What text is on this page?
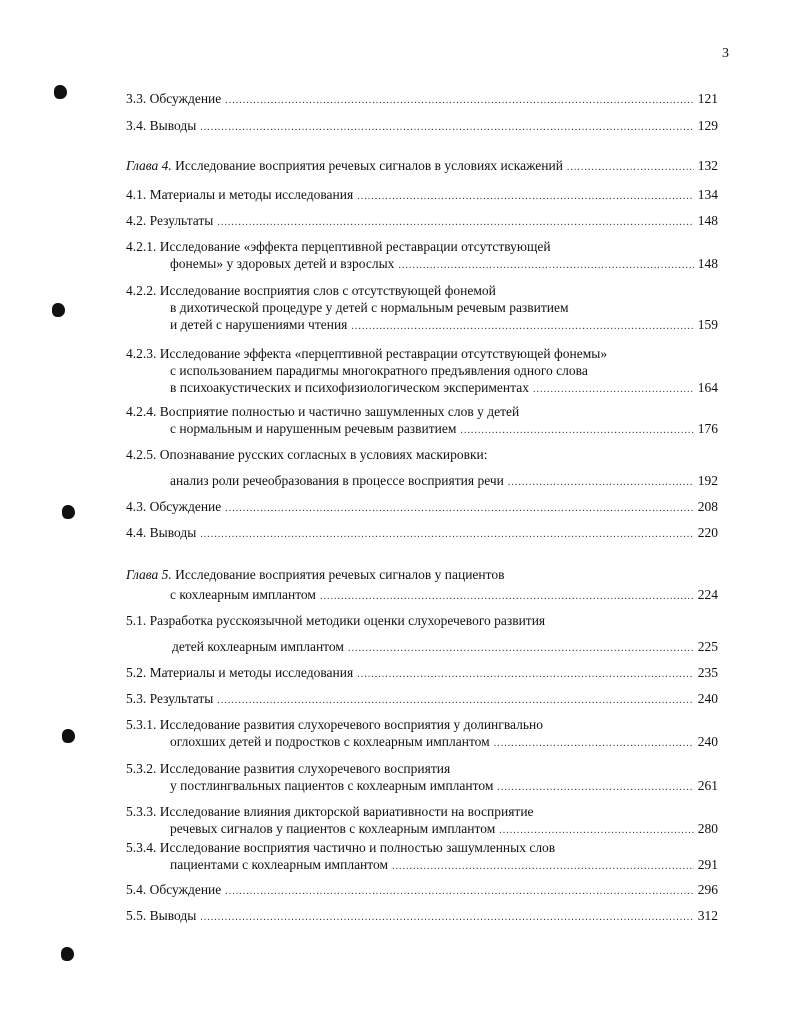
3
3.3. Обсуждение .....	121
3.4. Выводы .....	129
Глава 4. Исследование восприятия речевых сигналов в условиях искажений .....	132
4.1. Материалы и методы исследования .....	134
4.2. Результаты .....	148
4.2.1. Исследование «эффекта перцептивной реставрации отсутствующей
фонемы» у здоровых детей и взрослых .....	148
4.2.2. Исследование восприятия слов с отсутствующей фонемой
в дихотической процедуре у детей с нормальным речевым развитием
и детей с нарушениями чтения .....	159
4.2.3. Исследование эффекта «перцептивной реставрации отсутствующей фонемы»
с использованием парадигмы многократного предъявления одного слова
в психоакустических и психофизиологическом экспериментах .....	164
4.2.4. Восприятие полностью и частично зашумленных слов у детей
с нормальным и нарушенным речевым развитием .....	176
4.2.5. Опознавание русских согласных в условиях маскировки:
анализ роли речеобразования в процессе восприятия речи .....	192
4.3. Обсуждение .....	208
4.4. Выводы .....	220
Глава 5. Исследование восприятия речевых сигналов у пациентов
с кохлеарным имплантом .....	224
5.1. Разработка русскоязычной методики оценки слухоречевого развития
детей кохлеарным имплантом .....	225
5.2. Материалы и методы исследования .....	235
5.3. Результаты .....	240
5.3.1. Исследование развития слухоречевого восприятия у долингвально
оглохших детей и подростков с кохлеарным имплантом .....	240
5.3.2. Исследование развития слухоречевого восприятия
у постлингвальных пациентов с кохлеарным имплантом .....	261
5.3.3. Исследование влияния дикторской вариативности на восприятие
речевых сигналов у пациентов с кохлеарным имплантом .....	280
5.3.4. Исследование восприятия частично и полностью зашумленных слов
пациентами с кохлеарным имплантом .....	291
5.4. Обсуждение .....	296
5.5. Выводы .....	312
